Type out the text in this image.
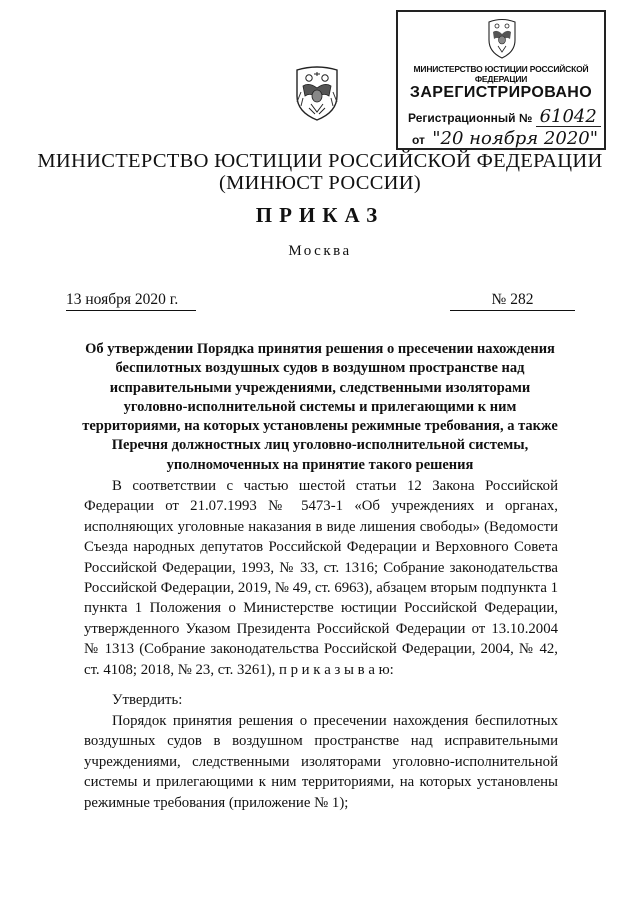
МИНИСТЕРСТВО ЮСТИЦИИ РОССИЙСКОЙ ФЕДЕРАЦИИ
ЗАРЕГИСТРИРОВАНО
Регистрационный № 61042
от "20 ноября 2020"
МИНИСТЕРСТВО ЮСТИЦИИ РОССИЙСКОЙ ФЕДЕРАЦИИ
(МИНЮСТ РОССИИ)
ПРИКАЗ
Москва
13 ноября 2020 г.	№ 282
Об утверждении Порядка принятия решения о пресечении нахождения беспилотных воздушных судов в воздушном пространстве над исправительными учреждениями, следственными изоляторами уголовно-исполнительной системы и прилегающими к ним территориями, на которых установлены режимные требования, а также Перечня должностных лиц уголовно-исполнительной системы, уполномоченных на принятие такого решения
В соответствии с частью шестой статьи 12 Закона Российской Федерации от 21.07.1993 № 5473-1 «Об учреждениях и органах, исполняющих уголовные наказания в виде лишения свободы» (Ведомости Съезда народных депутатов Российской Федерации и Верховного Совета Российской Федерации, 1993, № 33, ст. 1316; Собрание законодательства Российской Федерации, 2019, № 49, ст. 6963), абзацем вторым подпункта 1 пункта 1 Положения о Министерстве юстиции Российской Федерации, утвержденного Указом Президента Российской Федерации от 13.10.2004 № 1313 (Собрание законодательства Российской Федерации, 2004, № 42, ст. 4108; 2018, № 23, ст. 3261), п р и к а з ы в а ю:
Утвердить:
Порядок принятия решения о пресечении нахождения беспилотных воздушных судов в воздушном пространстве над исправительными учреждениями, следственными изоляторами уголовно-исполнительной системы и прилегающими к ним территориями, на которых установлены режимные требования (приложение № 1);
